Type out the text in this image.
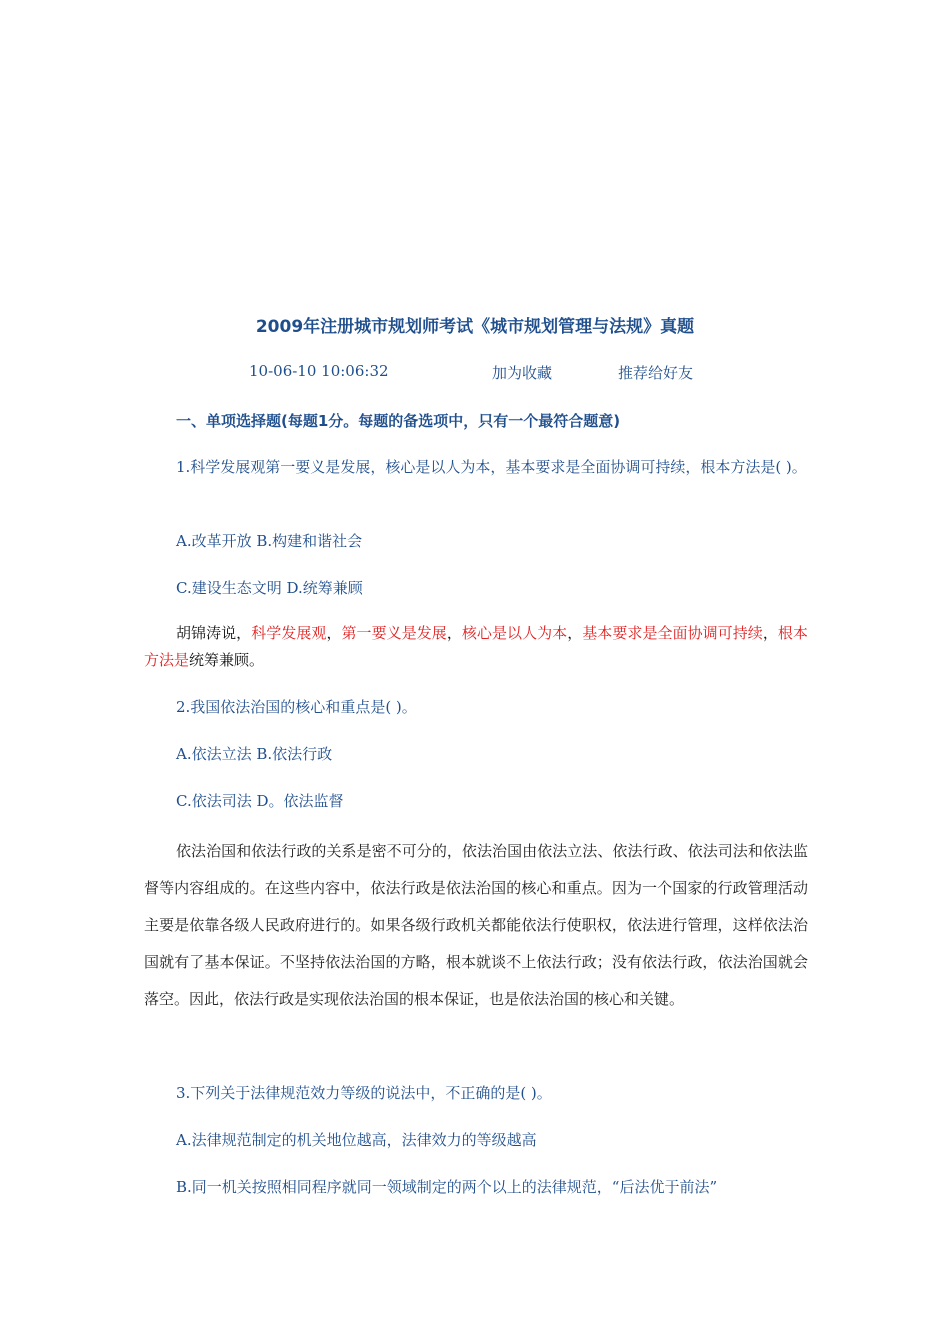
2009年注册城市规划师考试《城市规划管理与法规》真题
10-06-10 10:06:32	加为收藏	推荐给好友
一、单项选择题(每题1分。每题的备选项中，只有一个最符合题意)

1.科学发展观第一要义是发展，核心是以人为本，基本要求是全面协调可持续，根本方法是( )。

A.改革开放 B.构建和谐社会
C.建设生态文明 D.统筹兼顾

胡锦涛说，科学发展观，第一要义是发展，核心是以人为本，基本要求是全面协调可持续，根本方法是统筹兼顾。

2.我国依法治国的核心和重点是( )。
A.依法立法 B.依法行政
C.依法司法 D。依法监督

依法治国和依法行政的关系是密不可分的，依法治国由依法立法、依法行政、依法司法和依法监督等内容组成的。在这些内容中，依法行政是依法治国的核心和重点。因为一个国家的行政管理活动主要是依靠各级人民政府进行的。如果各级行政机关都能依法行使职权，依法进行管理，这样依法治国就有了基本保证。不坚持依法治国的方略，根本就谈不上依法行政；没有依法行政，依法治国就会落空。因此，依法行政是实现依法治国的根本保证，也是依法治国的核心和关键。

3.下列关于法律规范效力等级的说法中，不正确的是( )。
A.法律规范制定的机关地位越高，法律效力的等级越高
B.同一机关按照相同程序就同一领域制定的两个以上的法律规范，“后法优于前法”
